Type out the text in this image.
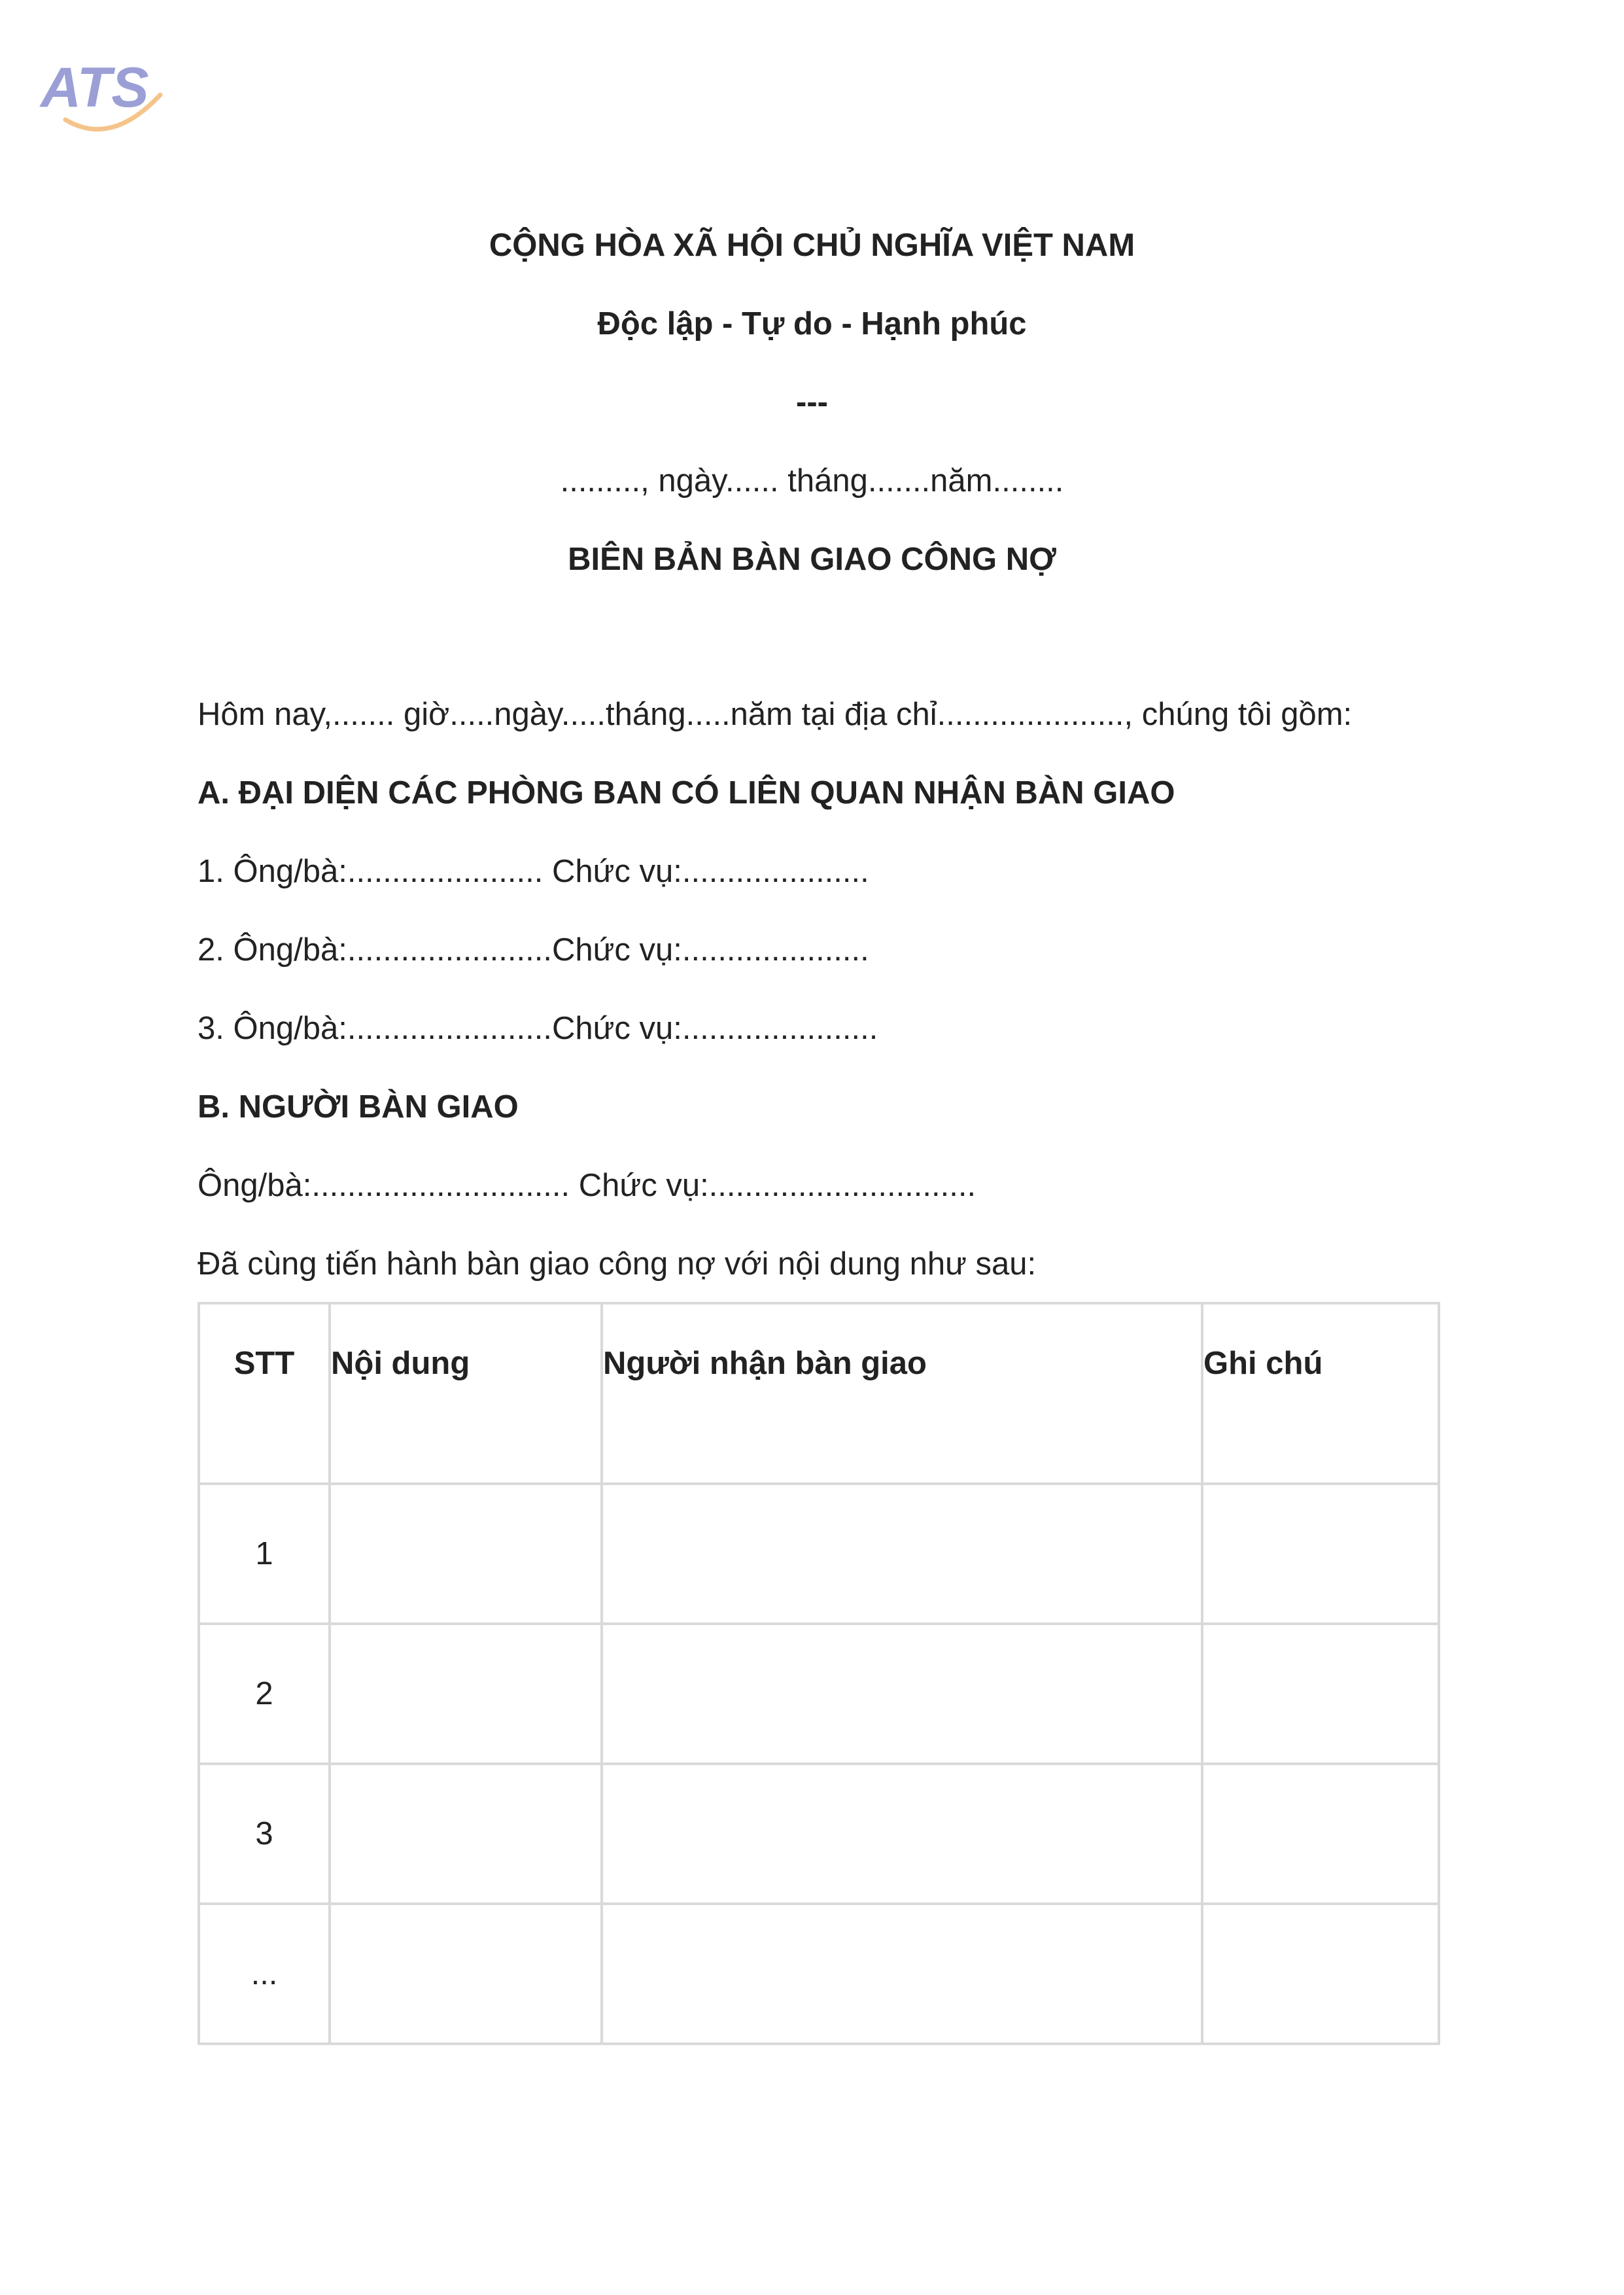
ATS

CỘNG HÒA XÃ HỘI CHỦ NGHĨA VIỆT NAM

Độc lập - Tự do - Hạnh phúc

---

........., ngày...... tháng.......năm........

BIÊN BẢN BÀN GIAO CÔNG NỢ

Hôm nay,....... giờ.....ngày.....tháng.....năm tại địa chỉ....................., chúng tôi gồm:

A. ĐẠI DIỆN CÁC PHÒNG BAN CÓ LIÊN QUAN NHẬN BÀN GIAO

1. Ông/bà:...................... Chức vụ:.....................

2. Ông/bà:.......................Chức vụ:.....................

3. Ông/bà:.......................Chức vụ:......................

B. NGƯỜI BÀN GIAO

Ông/bà:............................. Chức vụ:..............................

Đã cùng tiến hành bàn giao công nợ với nội dung như sau:

STT	Nội dung	Người nhận bàn giao	Ghi chú
1			
2			
3			
...			
